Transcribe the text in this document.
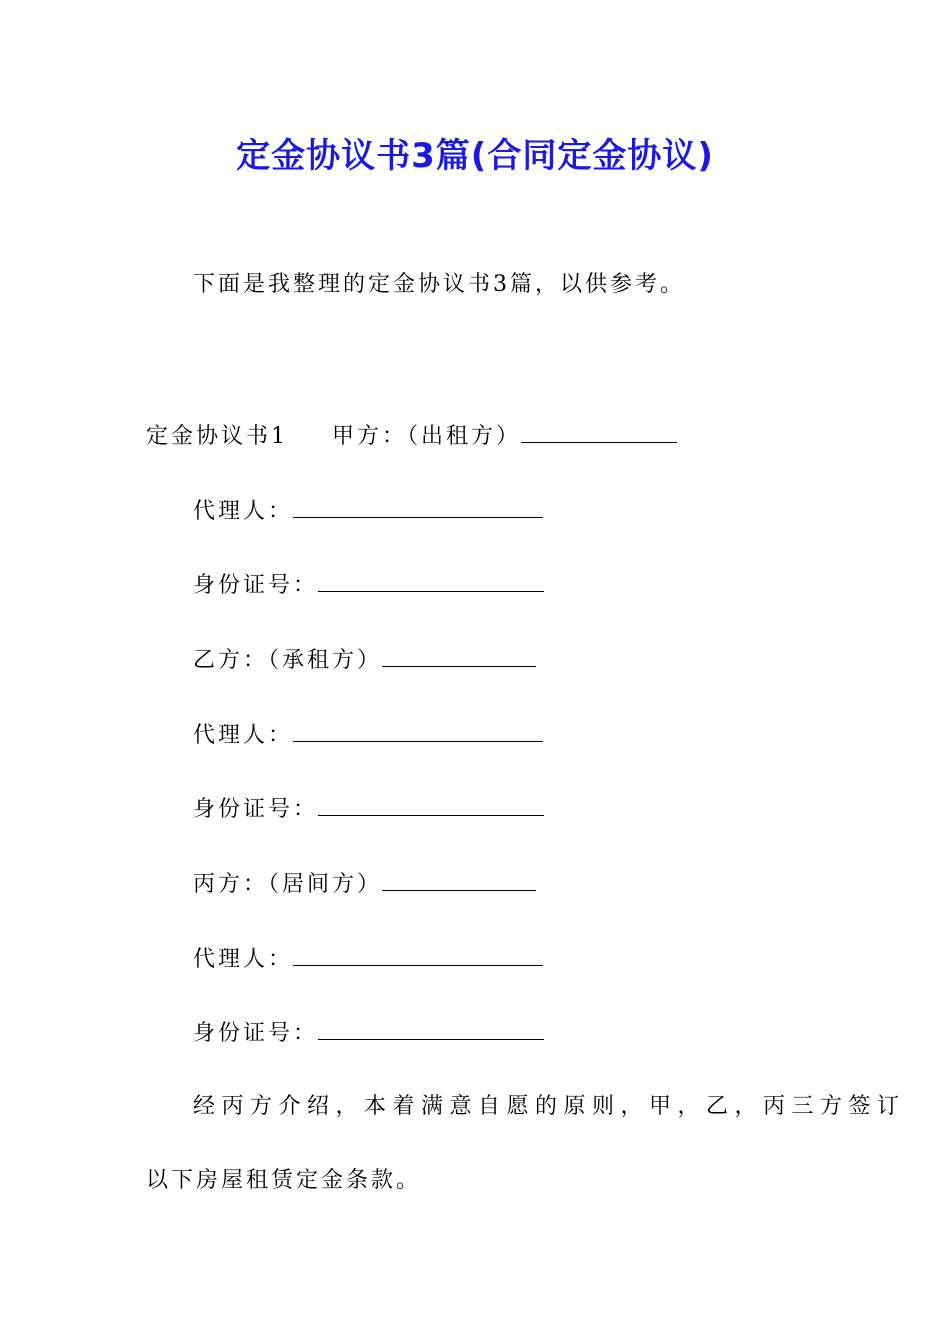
定金协议书3篇(合同定金协议)
下面是我整理的定金协议书3篇，以供参考。
定金协议书1 甲方：（出租方）
代理人：
身份证号：
乙方：（承租方）
代理人：
身份证号：
丙方：（居间方）
代理人：
身份证号：
经丙方介绍，本着满意自愿的原则，甲，乙，丙三方签订
以下房屋租赁定金条款。
